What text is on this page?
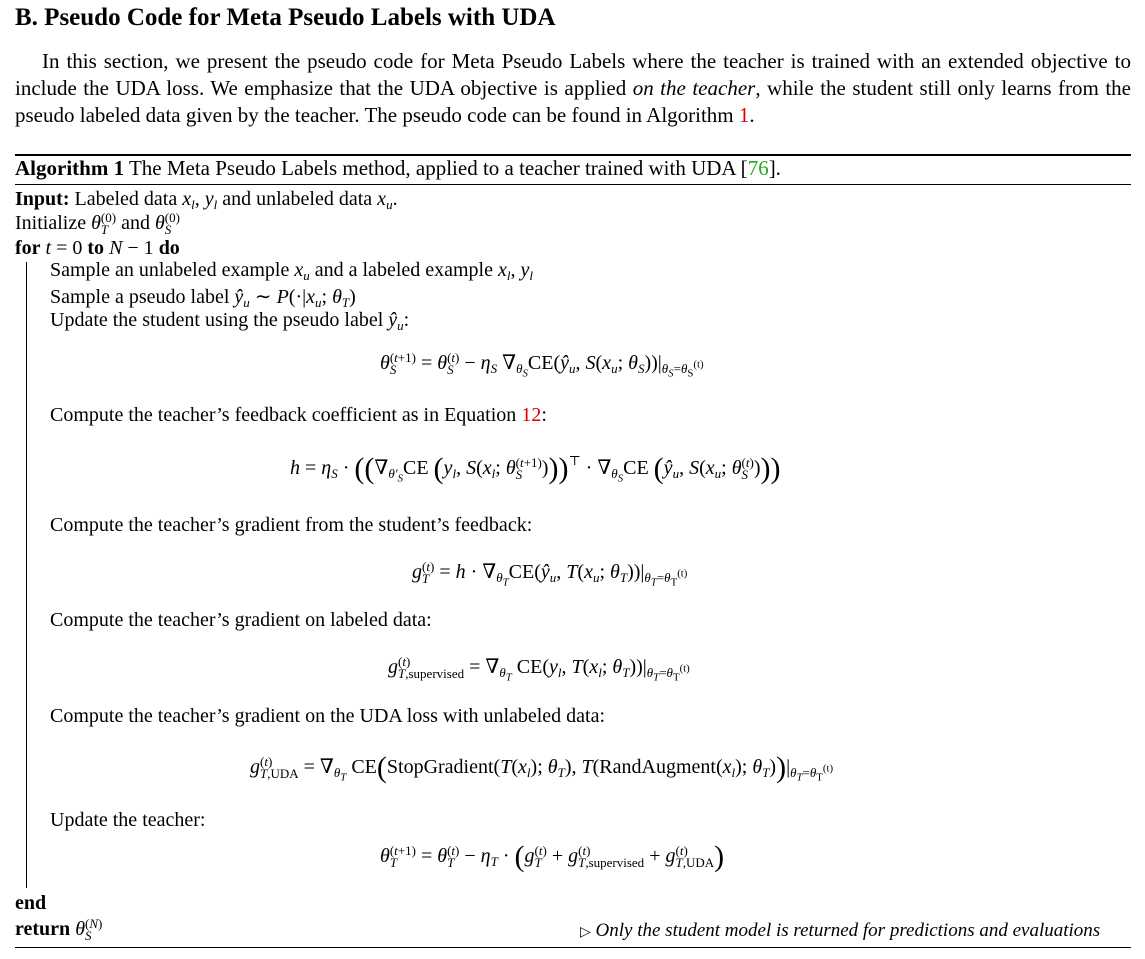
B. Pseudo Code for Meta Pseudo Labels with UDA
In this section, we present the pseudo code for Meta Pseudo Labels where the teacher is trained with an extended objective to include the UDA loss. We emphasize that the UDA objective is applied on the teacher, while the student still only learns from the pseudo labeled data given by the teacher. The pseudo code can be found in Algorithm 1.
Algorithm 1 The Meta Pseudo Labels method, applied to a teacher trained with UDA [76].
Input: Labeled data $x_l$, $y_l$ and unlabeled data $x_u$.
Initialize θ (0)
T and θ (0)
S
for t = 0 to N − 1 do
Sample an unlabeled example $x_u$ and a labeled example $x_l$, $y_l$
Sample a pseudo label $ŷ_u$ ∼ $P(\cdot|x_u$; $\theta_T$)
Update the student using the pseudo label $ŷ_u$:
θ (t+1)
S = θ (t)
$S - \eta_S$ $\nabla_{\theta_S}CE(ŷ_u$, $S(x_u$; $\theta_S))|_{\theta_S=\theta_S^{(t)}}$
Compute the teacher’s feedback coefficient as in Equation 12:
$h = \eta_S \cdot ((\nabla_{\theta'_S}CE$ ($y_l$, $S(x_l$; θ (t+1)
S )))$^⊤ \cdot \nabla_{\theta_S}CE$ ($ŷ_u$, $S(x_u$; θ (t)
S )))
Compute the teacher’s gradient from the student’s feedback:
g (t)
$T = h \cdot \nabla_{\theta_T}CE(ŷ_u$, $T(x_u$; $\theta_T))|_{\theta_T=\theta_T^{(t)}}$
Compute the teacher’s gradient on labeled data:
g (t)
T,supervised = $\nabla_{\theta_T}$ $CE(y_l$, $T(x_l$; $\theta_T))|_{\theta_T=\theta_T^{(t)}}$
Compute the teacher’s gradient on the UDA loss with unlabeled data:
g (t)
$T,UDA = \nabla_{\theta_T}$ $CE(StopGradient(T(x_l)$; $\theta_T$), $T(RandAugment(x_l)$; $\theta_T))|_{\theta_T=\theta_T^{(t)}}$
Update the teacher:
θ (t+1)
T = θ (t)
$T - \eta_T \cdot (g$ (t)
T + g (t)
T,supervised + g (t)
T,UDA )
end
return θ (N)
S	▷ Only the student model is returned for predictions and evaluations
